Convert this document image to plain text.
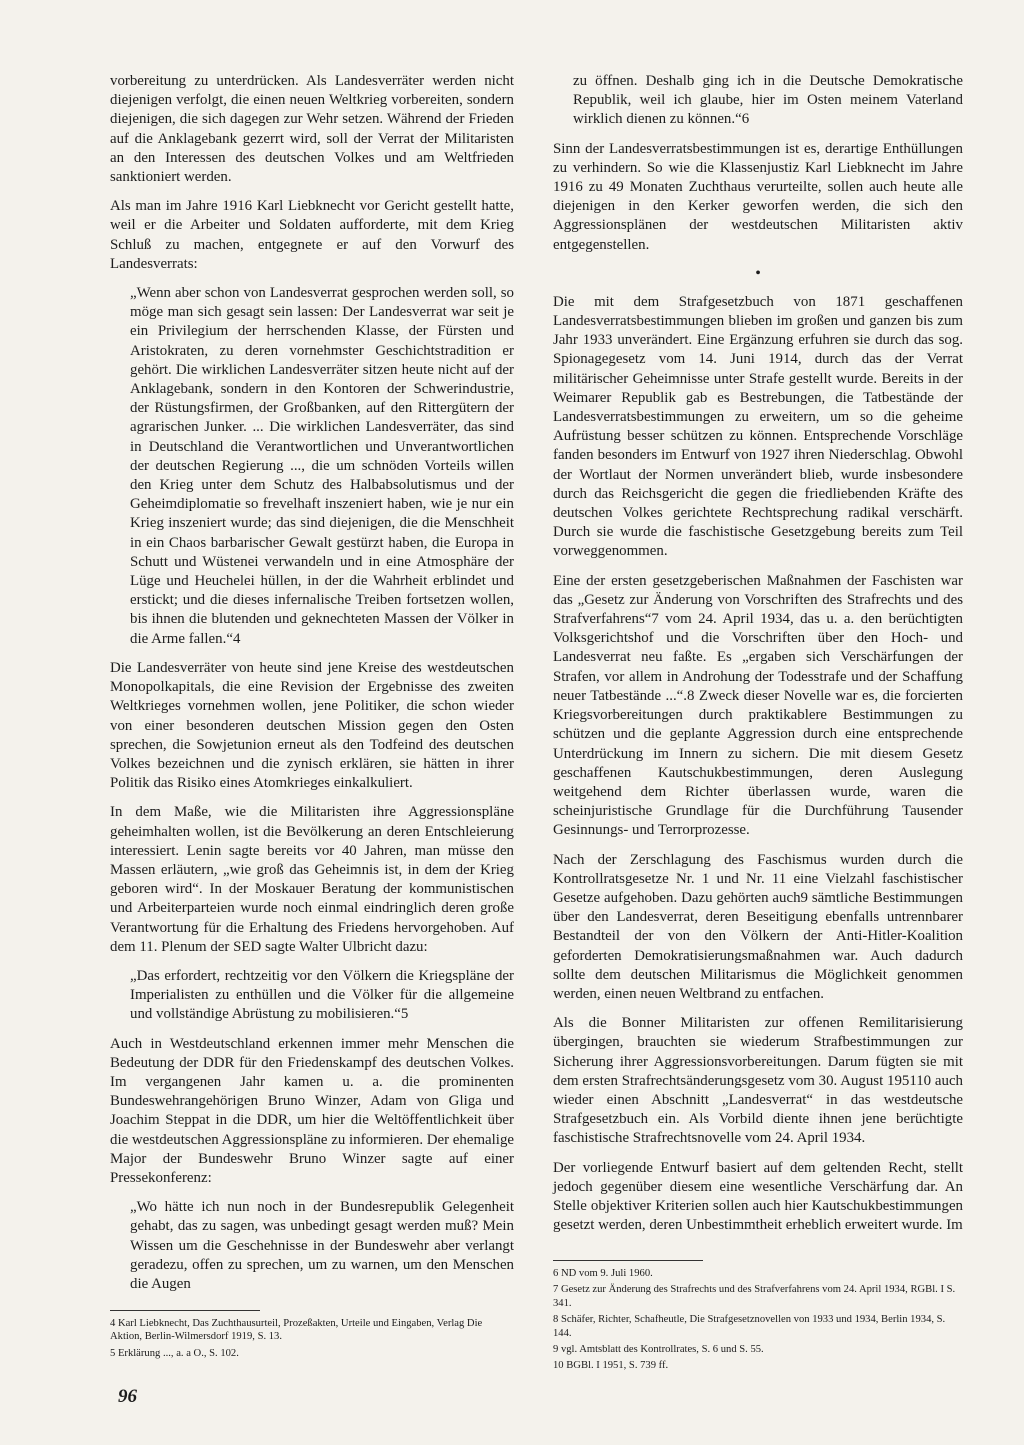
vorbereitung zu unterdrücken. Als Landesverräter werden nicht diejenigen verfolgt, die einen neuen Weltkrieg vorbereiten, sondern diejenigen, die sich dagegen zur Wehr setzen. Während der Frieden auf die Anklagebank gezerrt wird, soll der Verrat der Militaristen an den Interessen des deutschen Volkes und am Weltfrieden sanktioniert werden.

Als man im Jahre 1916 Karl Liebknecht vor Gericht gestellt hatte, weil er die Arbeiter und Soldaten aufforderte, mit dem Krieg Schluß zu machen, entgegnete er auf den Vorwurf des Landesverrats:

„Wenn aber schon von Landesverrat gesprochen werden soll, so möge man sich gesagt sein lassen: Der Landesverrat war seit je ein Privilegium der herrschenden Klasse, der Fürsten und Aristokraten, zu deren vornehmster Geschichtstradition er gehört. Die wirklichen Landesverräter sitzen heute nicht auf der Anklagebank, sondern in den Kontoren der Schwerindustrie, der Rüstungsfirmen, der Großbanken, auf den Rittergütern der agrarischen Junker. ... Die wirklichen Landesverräter, das sind in Deutschland die Verantwortlichen und Unverantwortlichen der deutschen Regierung ..., die um schnöden Vorteils willen den Krieg unter dem Schutz des Halbabsolutismus und der Geheimdiplomatie so frevelhaft inszeniert haben, wie je nur ein Krieg inszeniert wurde; das sind diejenigen, die die Menschheit in ein Chaos barbarischer Gewalt gestürzt haben, die Europa in Schutt und Wüstenei verwandeln und in eine Atmosphäre der Lüge und Heuchelei hüllen, in der die Wahrheit erblindet und erstickt; und die dieses infernalische Treiben fortsetzen wollen, bis ihnen die blutenden und geknechteten Massen der Völker in die Arme fallen.“4

Die Landesverräter von heute sind jene Kreise des westdeutschen Monopolkapitals, die eine Revision der Ergebnisse des zweiten Weltkrieges vornehmen wollen, jene Politiker, die schon wieder von einer besonderen deutschen Mission gegen den Osten sprechen, die Sowjetunion erneut als den Todfeind des deutschen Volkes bezeichnen und die zynisch erklären, sie hätten in ihrer Politik das Risiko eines Atomkrieges einkalkuliert.

In dem Maße, wie die Militaristen ihre Aggressionspläne geheimhalten wollen, ist die Bevölkerung an deren Entschleierung interessiert. Lenin sagte bereits vor 40 Jahren, man müsse den Massen erläutern, „wie groß das Geheimnis ist, in dem der Krieg geboren wird“. In der Moskauer Beratung der kommunistischen und Arbeiterparteien wurde noch einmal eindringlich deren große Verantwortung für die Erhaltung des Friedens hervorgehoben. Auf dem 11. Plenum der SED sagte Walter Ulbricht dazu:

„Das erfordert, rechtzeitig vor den Völkern die Kriegspläne der Imperialisten zu enthüllen und die Völker für die allgemeine und vollständige Abrüstung zu mobilisieren.“5

Auch in Westdeutschland erkennen immer mehr Menschen die Bedeutung der DDR für den Friedenskampf des deutschen Volkes. Im vergangenen Jahr kamen u. a. die prominenten Bundeswehrangehörigen Bruno Winzer, Adam von Gliga und Joachim Steppat in die DDR, um hier die Weltöffentlichkeit über die westdeutschen Aggressionspläne zu informieren. Der ehemalige Major der Bundeswehr Bruno Winzer sagte auf einer Pressekonferenz:

„Wo hätte ich nun noch in der Bundesrepublik Gelegenheit gehabt, das zu sagen, was unbedingt gesagt werden muß? Mein Wissen um die Geschehnisse in der Bundeswehr aber verlangt geradezu, offen zu sprechen, um zu warnen, um den Menschen die Augen

zu öffnen. Deshalb ging ich in die Deutsche Demokratische Republik, weil ich glaube, hier im Osten meinem Vaterland wirklich dienen zu können.“6

Sinn der Landesverratsbestimmungen ist es, derartige Enthüllungen zu verhindern. So wie die Klassenjustiz Karl Liebknecht im Jahre 1916 zu 49 Monaten Zuchthaus verurteilte, sollen auch heute alle diejenigen in den Kerker geworfen werden, die sich den Aggressionsplänen der westdeutschen Militaristen aktiv entgegenstellen.

•

Die mit dem Strafgesetzbuch von 1871 geschaffenen Landesverratsbestimmungen blieben im großen und ganzen bis zum Jahr 1933 unverändert. Eine Ergänzung erfuhren sie durch das sog. Spionagegesetz vom 14. Juni 1914, durch das der Verrat militärischer Geheimnisse unter Strafe gestellt wurde. Bereits in der Weimarer Republik gab es Bestrebungen, die Tatbestände der Landesverratsbestimmungen zu erweitern, um so die geheime Aufrüstung besser schützen zu können. Entsprechende Vorschläge fanden besonders im Entwurf von 1927 ihren Niederschlag. Obwohl der Wortlaut der Normen unverändert blieb, wurde insbesondere durch das Reichsgericht die gegen die friedliebenden Kräfte des deutschen Volkes gerichtete Rechtsprechung radikal verschärft. Durch sie wurde die faschistische Gesetzgebung bereits zum Teil vorweggenommen.

Eine der ersten gesetzgeberischen Maßnahmen der Faschisten war das „Gesetz zur Änderung von Vorschriften des Strafrechts und des Strafverfahrens“7 vom 24. April 1934, das u. a. den berüchtigten Volksgerichtshof und die Vorschriften über den Hoch- und Landesverrat neu faßte. Es „ergaben sich Verschärfungen der Strafen, vor allem in Androhung der Todesstrafe und der Schaffung neuer Tatbestände ...“.8 Zweck dieser Novelle war es, die forcierten Kriegsvorbereitungen durch praktikablere Bestimmungen zu schützen und die geplante Aggression durch eine entsprechende Unterdrückung im Innern zu sichern. Die mit diesem Gesetz geschaffenen Kautschukbestimmungen, deren Auslegung weitgehend dem Richter überlassen wurde, waren die scheinjuristische Grundlage für die Durchführung Tausender Gesinnungs- und Terrorprozesse.

Nach der Zerschlagung des Faschismus wurden durch die Kontrollratsgesetze Nr. 1 und Nr. 11 eine Vielzahl faschistischer Gesetze aufgehoben. Dazu gehörten auch9 sämtliche Bestimmungen über den Landesverrat, deren Beseitigung ebenfalls untrennbarer Bestandteil der von den Völkern der Anti-Hitler-Koalition geforderten Demokratisierungsmaßnahmen war. Auch dadurch sollte dem deutschen Militarismus die Möglichkeit genommen werden, einen neuen Weltbrand zu entfachen.

Als die Bonner Militaristen zur offenen Remilitarisierung übergingen, brauchten sie wiederum Strafbestimmungen zur Sicherung ihrer Aggressionsvorbereitungen. Darum fügten sie mit dem ersten Strafrechtsänderungsgesetz vom 30. August 195110 auch wieder einen Abschnitt „Landesverrat“ in das westdeutsche Strafgesetzbuch ein. Als Vorbild diente ihnen jene berüchtigte faschistische Strafrechtsnovelle vom 24. April 1934.

Der vorliegende Entwurf basiert auf dem geltenden Recht, stellt jedoch gegenüber diesem eine wesentliche Verschärfung dar. An Stelle objektiver Kriterien sollen auch hier Kautschukbestimmungen gesetzt werden, deren Unbestimmtheit erheblich erweitert wurde. Im

4 Karl Liebknecht, Das Zuchthausurteil, Prozeßakten, Urteile und Eingaben, Verlag Die Aktion, Berlin-Wilmersdorf 1919, S. 13.

5 Erklärung ..., a. a O., S. 102.

6 ND vom 9. Juli 1960.

7 Gesetz zur Änderung des Strafrechts und des Strafverfahrens vom 24. April 1934, RGBl. I S. 341.

8 Schäfer, Richter, Schafheutle, Die Strafgesetznovellen von 1933 und 1934, Berlin 1934, S. 144.

9 vgl. Amtsblatt des Kontrollrates, S. 6 und S. 55.

10 BGBl. I 1951, S. 739 ff.

96
